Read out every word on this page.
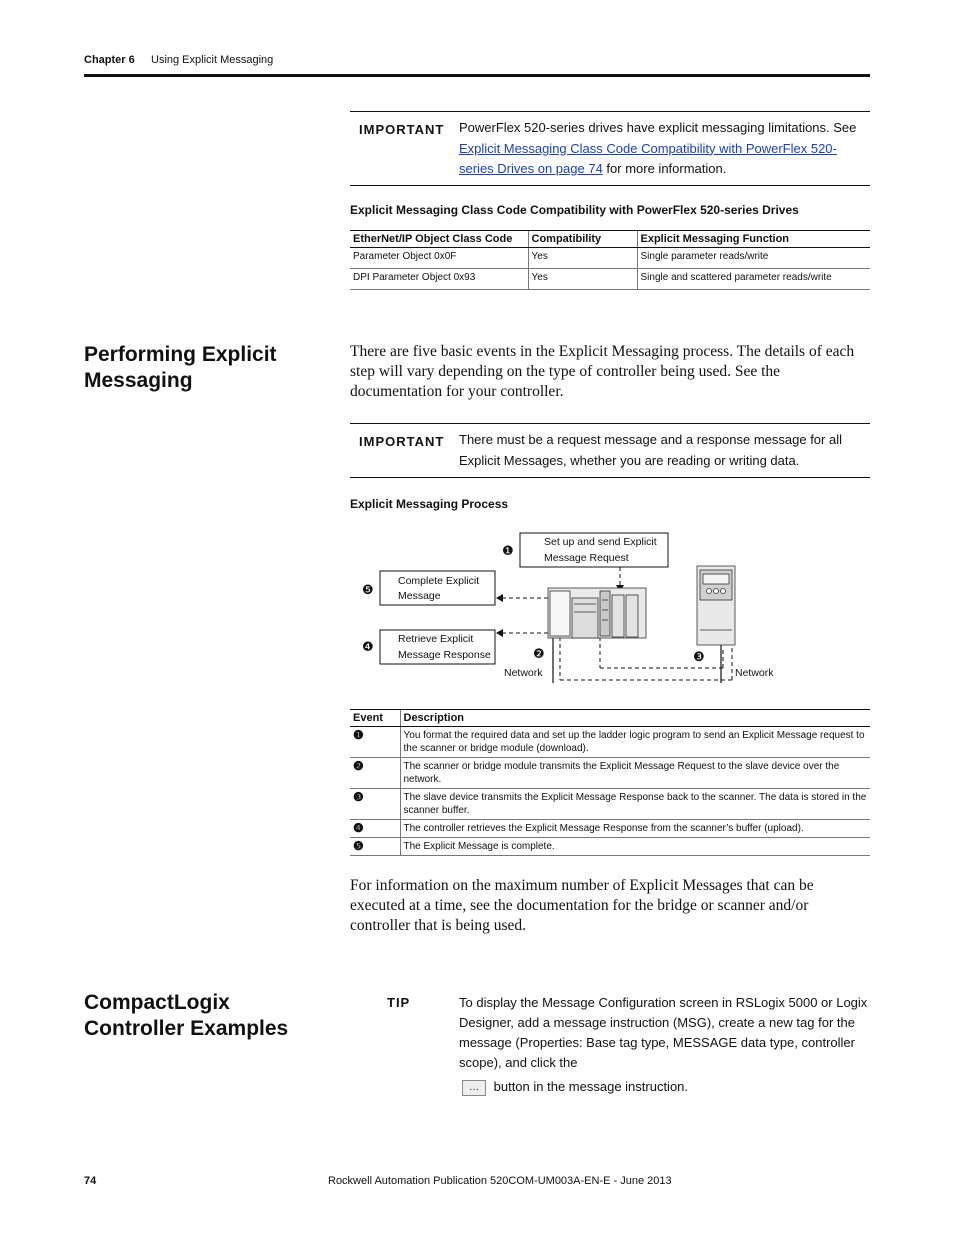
Chapter 6 Using Explicit Messaging
IMPORTANT PowerFlex 520-series drives have explicit messaging limitations. See Explicit Messaging Class Code Compatibility with PowerFlex 520-series Drives on page 74 for more information.
Explicit Messaging Class Code Compatibility with PowerFlex 520-series Drives
EtherNet/IP Object Class Code	Compatibility	Explicit Messaging Function
Parameter Object 0x0F	Yes	Single parameter reads/write
DPI Parameter Object 0x93	Yes	Single and scattered parameter reads/write
Performing Explicit Messaging
There are five basic events in the Explicit Messaging process. The details of each step will vary depending on the type of controller being used. See the documentation for your controller.
IMPORTANT There must be a request message and a response message for all Explicit Messages, whether you are reading or writing data.
Explicit Messaging Process
Set up and send Explicit
Message Request
Complete Explicit
Message
Retrieve Explicit
Message Response
❶
❺
❹	❷	❸
Network	Network
Event	Description
❶	You format the required data and set up the ladder logic program to send an Explicit Message request to the scanner or bridge module (download).
❷	The scanner or bridge module transmits the Explicit Message Request to the slave device over the network.
❸	The slave device transmits the Explicit Message Response back to the scanner. The data is stored in the scanner buffer.
❹	The controller retrieves the Explicit Message Response from the scanner’s buffer (upload).
❺	The Explicit Message is complete.
For information on the maximum number of Explicit Messages that can be executed at a time, see the documentation for the bridge or scanner and/or controller that is being used.
CompactLogix Controller Examples
TIP	To display the Message Configuration screen in RSLogix 5000 or Logix Designer, add a message instruction (MSG), create a new tag for the message (Properties: Base tag type, MESSAGE data type, controller scope), and click the
… button in the message instruction.
74	Rockwell Automation Publication 520COM-UM003A-EN-E - June 2013
